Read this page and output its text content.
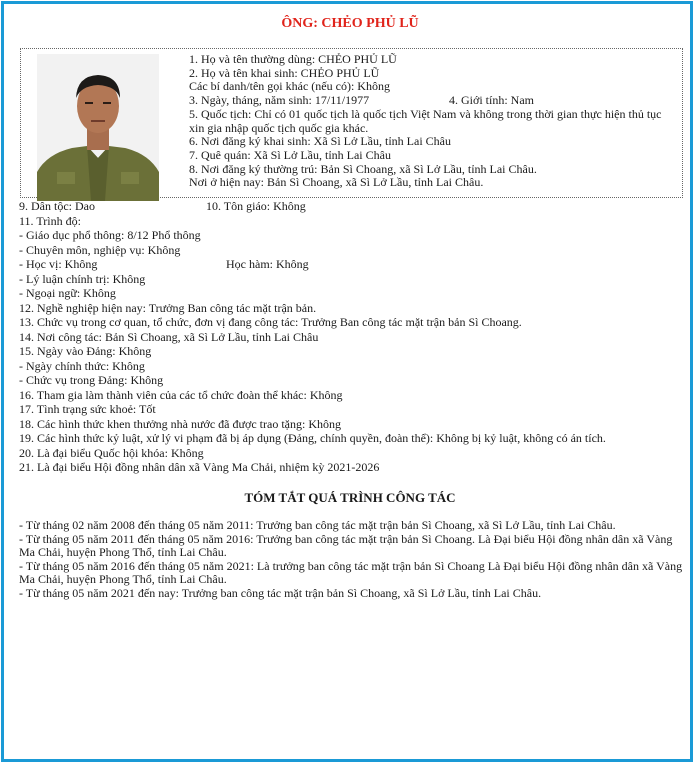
ÔNG: CHẺO PHỦ LŨ
1. Họ và tên thường dùng: CHẺO PHỦ LŨ
2. Họ và tên khai sinh: CHẺO PHỦ LŨ
Các bí danh/tên gọi khác (nếu có): Không
3. Ngày, tháng, năm sinh: 17/11/1977	4. Giới tính: Nam
5. Quốc tịch: Chỉ có 01 quốc tịch là quốc tịch Việt Nam và không trong thời gian thực hiện thủ tục xin gia nhập quốc tịch quốc gia khác.
6. Nơi đăng ký khai sinh: Xã Sì Lở Lầu, tỉnh Lai Châu
7. Quê quán: Xã Sì Lở Lầu, tỉnh Lai Châu
8. Nơi đăng ký thường trú: Bản Sì Choang, xã Sì Lở Lầu, tỉnh Lai Châu.
Nơi ở hiện nay: Bản Sì Choang, xã Sì Lở Lầu, tỉnh Lai Châu.
9. Dân tộc: Dao	10. Tôn giáo: Không
11. Trình độ:
- Giáo dục phổ thông: 8/12 Phổ thông
- Chuyên môn, nghiệp vụ: Không
- Học vị: Không	Học hàm: Không
- Lý luận chính trị: Không
- Ngoại ngữ: Không
12. Nghề nghiệp hiện nay: Trưởng Ban công tác mặt trận bản.
13. Chức vụ trong cơ quan, tổ chức, đơn vị đang công tác: Trưởng Ban công tác mặt trận bản Sì Choang.
14. Nơi công tác: Bản Sì Choang, xã Sì Lở Lầu, tỉnh Lai Châu
15. Ngày vào Đảng: Không
- Ngày chính thức: Không
- Chức vụ trong Đảng: Không
16. Tham gia làm thành viên của các tổ chức đoàn thể khác: Không
17. Tình trạng sức khoẻ: Tốt
18. Các hình thức khen thưởng nhà nước đã được trao tặng: Không
19. Các hình thức kỷ luật, xử lý vi phạm đã bị áp dụng (Đảng, chính quyền, đoàn thể): Không bị kỷ luật, không có án tích.
20. Là đại biểu Quốc hội khóa: Không
21. Là đại biểu Hội đồng nhân dân xã Vàng Ma Chải, nhiệm kỳ 2021-2026
TÓM TẮT QUÁ TRÌNH CÔNG TÁC
- Từ tháng 02 năm 2008 đến tháng 05 năm 2011: Trưởng ban công tác mặt trận bản Sì Choang, xã Sì Lở Lầu, tỉnh Lai Châu.
- Từ tháng 05 năm 2011 đến tháng 05 năm 2016: Trưởng ban công tác mặt trận bản Sì Choang. Là Đại biểu Hội đồng nhân dân xã Vàng Ma Chải, huyện Phong Thổ, tỉnh Lai Châu.
- Từ tháng 05 năm 2016 đến tháng 05 năm 2021: Là trưởng ban công tác mặt trận bản Sì Choang Là Đại biểu Hội đồng nhân dân xã Vàng Ma Chải, huyện Phong Thổ, tỉnh Lai Châu.
- Từ tháng 05 năm 2021 đến nay: Trưởng ban công tác mặt trận bản Sì Choang, xã Sì Lở Lầu, tỉnh Lai Châu.
